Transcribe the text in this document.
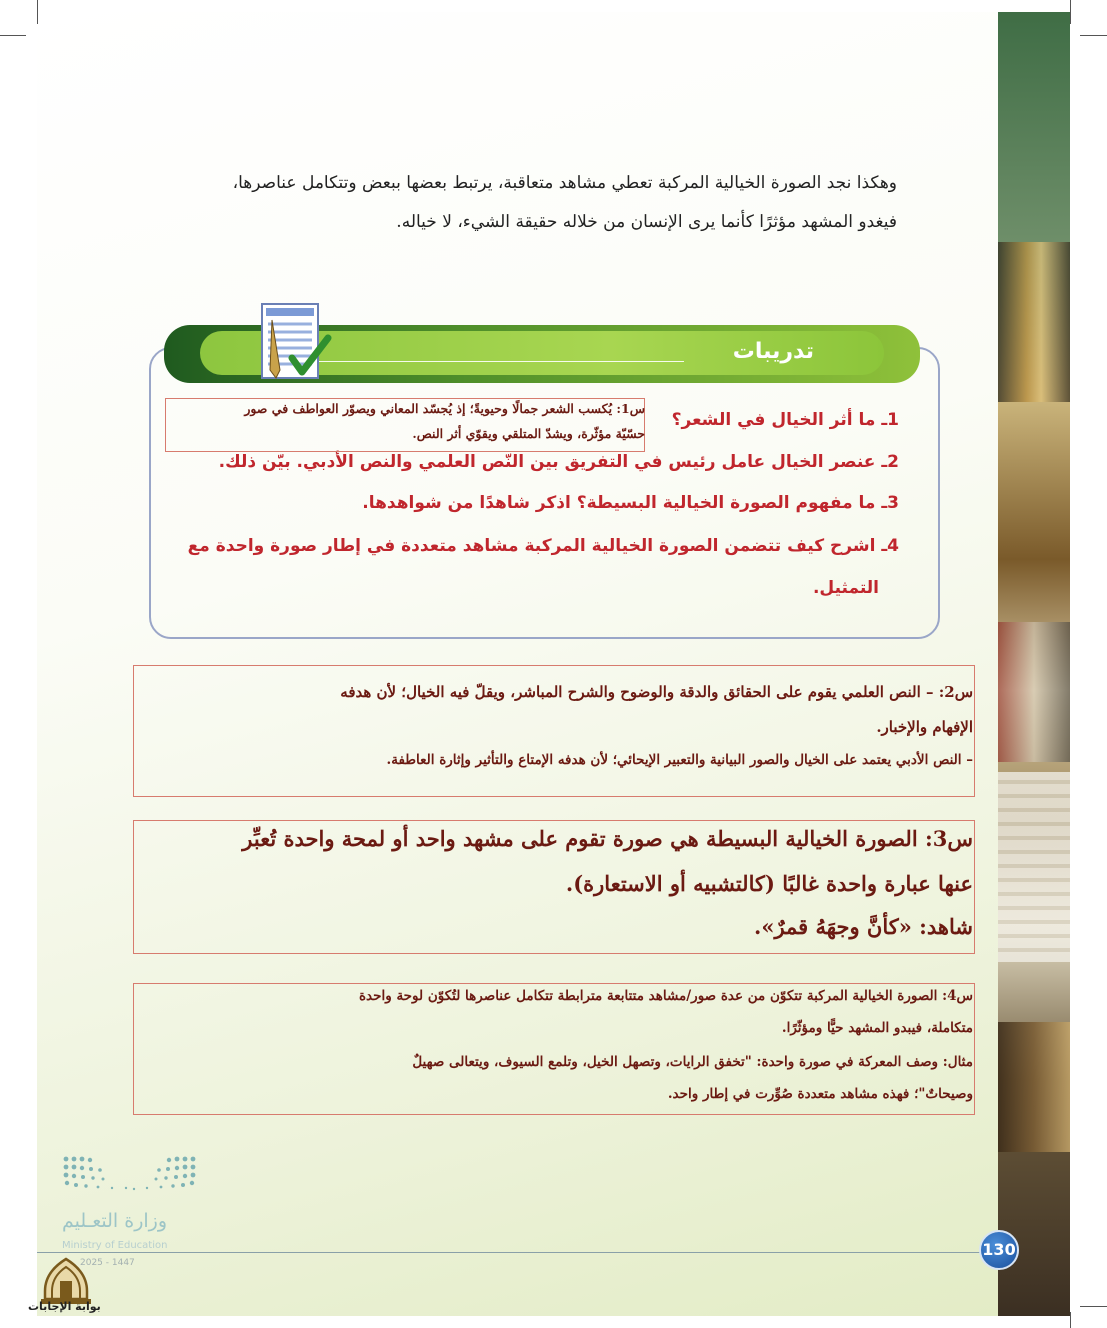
وهكذا نجد الصورة الخيالية المركبة تعطي مشاهد متعاقبة، يرتبط بعضها ببعض وتتكامل عناصرها،
فيغدو المشهد مؤثرًا كأنما يرى الإنسان من خلاله حقيقة الشيء، لا خياله.
تدريبات
1ـ ما أثر الخيال في الشعر؟
2ـ عنصر الخيال عامل رئيس في التفريق بين النّص العلمي والنص الأدبي. بيّن ذلك.
3ـ ما مفهوم الصورة الخيالية البسيطة؟ اذكر شاهدًا من شواهدها.
4ـ اشرح كيف تتضمن الصورة الخيالية المركبة مشاهد متعددة في إطار صورة واحدة مع
التمثيل.
س1: يُكسب الشعر جمالًا وحيويةً؛ إذ يُجسّد المعاني ويصوّر العواطف في صور
حسّيّة مؤثّرة، ويشدّ المتلقي ويقوّي أثر النص.
س2: – النص العلمي يقوم على الحقائق والدقة والوضوح والشرح المباشر، ويقلّ فيه الخيال؛ لأن هدفه
الإفهام والإخبار.
– النص الأدبي يعتمد على الخيال والصور البيانية والتعبير الإيحائي؛ لأن هدفه الإمتاع والتأثير وإثارة العاطفة.
س3: الصورة الخيالية البسيطة هي صورة تقوم على مشهد واحد أو لمحة واحدة تُعبِّر
عنها عبارة واحدة غالبًا (كالتشبيه أو الاستعارة).
شاهد: «كأنَّ وجهَهُ قمرٌ».
س4: الصورة الخيالية المركبة تتكوّن من عدة صور/مشاهد متتابعة مترابطة تتكامل عناصرها لتُكوّن لوحة واحدة
متكاملة، فيبدو المشهد حيًّا ومؤثّرًا.
مثال: وصف المعركة في صورة واحدة: "تخفق الرايات، وتصهل الخيل، وتلمع السيوف، ويتعالى صهيلٌ
وصيحاتٌ"؛ فهذه مشاهد متعددة صُوِّرت في إطار واحد.
وزارة التعـليم
Ministry of Education
2025 - 1447
130
بوابة الإجابات
